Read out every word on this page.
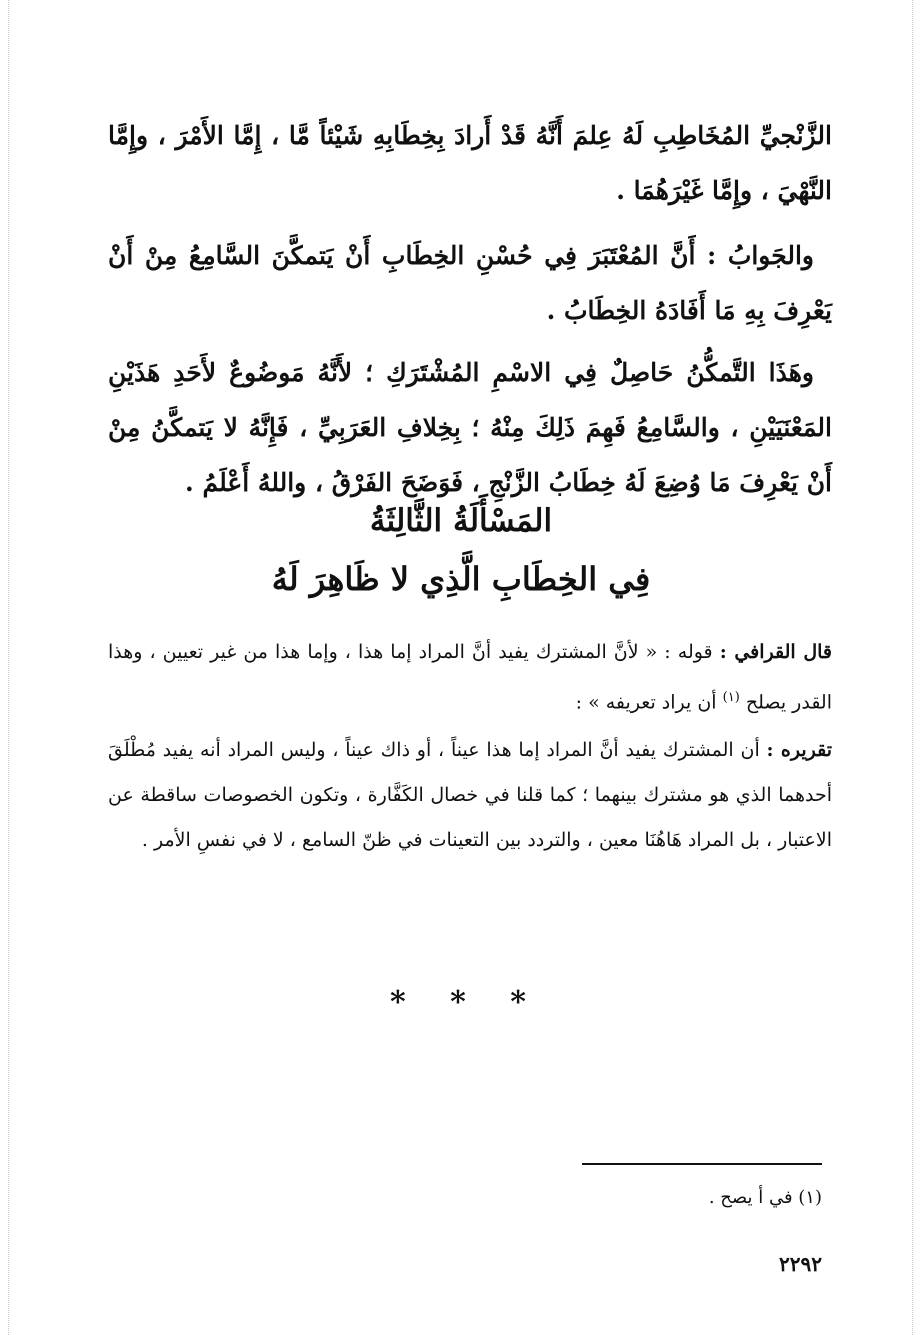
الزَّنْجيِّ المُخَاطِبِ لَهُ عِلمَ أَنَّهُ قَدْ أَرادَ بِخِطَابِهِ شَيْئاً مَّا ، إِمَّا الأَمْرَ ، وإِمَّا النَّهْيَ ، وإِمَّا غَيْرَهُمَا .

والجَوابُ : أَنَّ المُعْتَبَرَ فِي حُسْنِ الخِطَابِ أَنْ يَتمكَّنَ السَّامِعُ مِنْ أَنْ يَعْرِفَ بِهِ مَا أَفَادَهُ الخِطَابُ .

وهَذَا التَّمكُّنُ حَاصِلٌ فِي الاسْمِ المُشْتَرَكِ ؛ لأَنَّهُ مَوضُوعٌ لأَحَدِ هَذَيْنِ المَعْنَيَيْنِ ، والسَّامِعُ فَهِمَ ذَلِكَ مِنْهُ ؛ بِخِلافِ العَرَبِيِّ ، فَإِنَّهُ لا يَتمكَّنُ مِنْ أَنْ يَعْرِفَ مَا وُضِعَ لَهُ خِطَابُ الزَّنْجِ ، فَوَضَحَ الفَرْقُ ، واللهُ أَعْلَمُ .

المَسْأَلَةُ الثَّالِثَةُ
فِي الخِطَابِ الَّذِي لا ظَاهِرَ لَهُ

قال القرافي : قوله : « لأنَّ المشترك يفيد أنَّ المراد إما هذا ، وإما هذا من غير تعيين ، وهذا القدر يصلح $^{(١)}$ أن يراد تعريفه » :

تقريره : أن المشترك يفيد أنَّ المراد إما هذا عيناً ، أو ذاك عيناً ، وليس المراد أنه يفيد مُطْلَقَ أحدهما الذي هو مشترك بينهما ؛ كما قلنا في خصال الكَفَّارة ، وتكون الخصوصات ساقطة عن الاعتبار ، بل المراد هَاهُنَا معين ، والتردد بين التعينات في ظنّ السامع ، لا في نفسِ الأمر .

* * *

(١) في أ يصح .

٢٢٩٢
